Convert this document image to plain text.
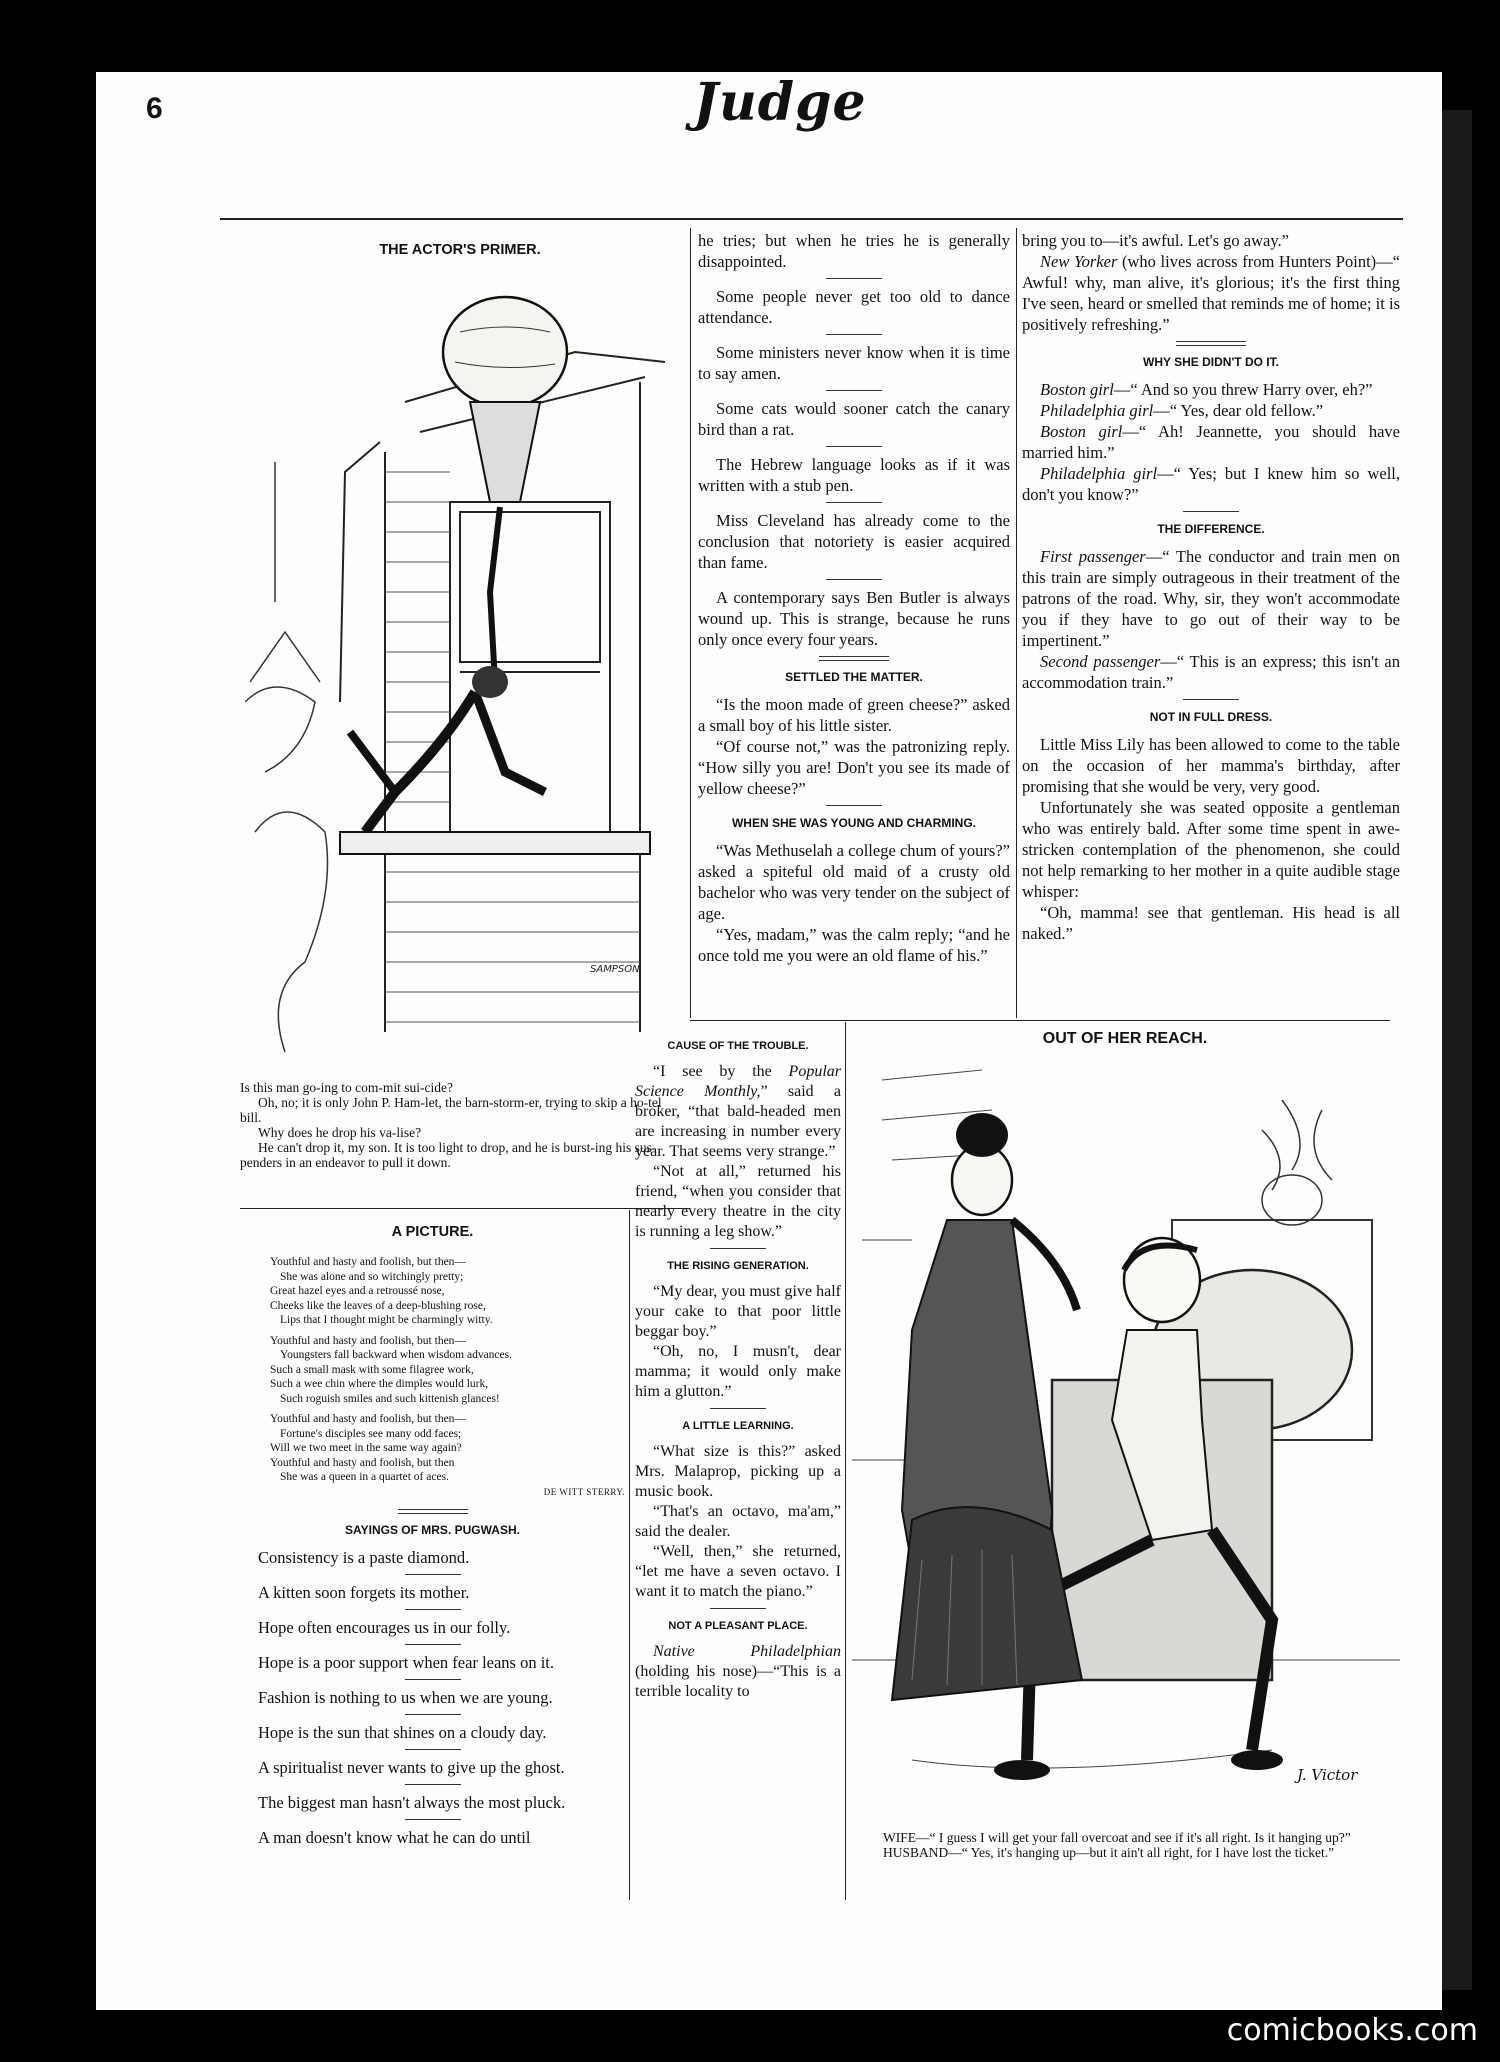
6	Judge
THE ACTOR'S PRIMER.
SAMPSON
Is this man go-ing to com-mit sui-cide?
Oh, no; it is only John P. Ham-let, the barn-storm-er, trying to skip a ho-tel bill.
Why does he drop his va-lise?
He can't drop it, my son. It is too light to drop, and he is burst-ing his sus-penders in an endeavor to pull it down.

he tries; but when he tries he is generally disappointed.

Some people never get too old to dance attendance.

Some ministers never know when it is time to say amen.

Some cats would sooner catch the canary bird than a rat.

The Hebrew language looks as if it was written with a stub pen.

Miss Cleveland has already come to the conclusion that notoriety is easier acquired than fame.

A contemporary says Ben Butler is always wound up. This is strange, because he runs only once every four years.

SETTLED THE MATTER.

“Is the moon made of green cheese?” asked a small boy of his little sister.

“Of course not,” was the patronizing reply. “How silly you are! Don't you see its made of yellow cheese?”

WHEN SHE WAS YOUNG AND CHARMING.

“Was Methuselah a college chum of yours?” asked a spiteful old maid of a crusty old bachelor who was very tender on the subject of age.

“Yes, madam,” was the calm reply; “and he once told me you were an old flame of his.”

bring you to—it's awful. Let's go away.”

New Yorker (who lives across from Hunters Point)—“ Awful! why, man alive, it's glorious; it's the first thing I've seen, heard or smelled that reminds me of home; it is positively refreshing.”

WHY SHE DIDN'T DO IT.

Boston girl—“ And so you threw Harry over, eh?”

Philadelphia girl—“ Yes, dear old fellow.”

Boston girl—“ Ah! Jeannette, you should have married him.”

Philadelphia girl—“ Yes; but I knew him so well, don't you know?”

THE DIFFERENCE.

First passenger—“ The conductor and train men on this train are simply outrageous in their treatment of the patrons of the road. Why, sir, they won't accommodate you if they have to go out of their way to be impertinent.”

Second passenger—“ This is an express; this isn't an accommodation train.”

NOT IN FULL DRESS.

Little Miss Lily has been allowed to come to the table on the occasion of her mamma's birthday, after promising that she would be very, very good.

Unfortunately she was seated opposite a gentleman who was entirely bald. After some time spent in awe-stricken contemplation of the phenomenon, she could not help remarking to her mother in a quite audible stage whisper:

“Oh, mamma! see that gentleman. His head is all naked.”

A PICTURE.
Youthful and hasty and foolish, but then—
She was alone and so witchingly pretty;
Great hazel eyes and a retroussé nose,
Cheeks like the leaves of a deep-blushing rose,
Lips that I thought might be charmingly witty.
Youthful and hasty and foolish, but then—
Youngsters fall backward when wisdom advances.
Such a small mask with some filagree work,
Such a wee chin where the dimples would lurk,
Such roguish smiles and such kittenish glances!
Youthful and hasty and foolish, but then—
Fortune's disciples see many odd faces;
Will we two meet in the same way again?
Youthful and hasty and foolish, but then
She was a queen in a quartet of aces.
DE WITT STERRY.
SAYINGS OF MRS. PUGWASH.

Consistency is a paste diamond.

A kitten soon forgets its mother.

Hope often encourages us in our folly.

Hope is a poor support when fear leans on it.

Fashion is nothing to us when we are young.

Hope is the sun that shines on a cloudy day.

A spiritualist never wants to give up the ghost.

The biggest man hasn't always the most pluck.

A man doesn't know what he can do until

CAUSE OF THE TROUBLE.

“I see by the Popular Science Monthly,” said a broker, “that bald-headed men are increasing in number every year. That seems very strange.”

“Not at all,” returned his friend, “when you consider that nearly every theatre in the city is running a leg show.”

THE RISING GENERATION.

“My dear, you must give half your cake to that poor little beggar boy.”

“Oh, no, I musn't, dear mamma; it would only make him a glutton.”

A LITTLE LEARNING.

“What size is this?” asked Mrs. Malaprop, picking up a music book.

“That's an octavo, ma'am,” said the dealer.

“Well, then,” she returned, “let me have a seven octavo. I want it to match the piano.”

NOT A PLEASANT PLACE.

Native Philadelphian (holding his nose)—“This is a terrible locality to

OUT OF HER REACH.
J. Victor
WIFE—“ I guess I will get your fall overcoat and see if it's all right. Is it hanging up?”
HUSBAND—“ Yes, it's hanging up—but it ain't all right, for I have lost the ticket.”
comicbooks.com
